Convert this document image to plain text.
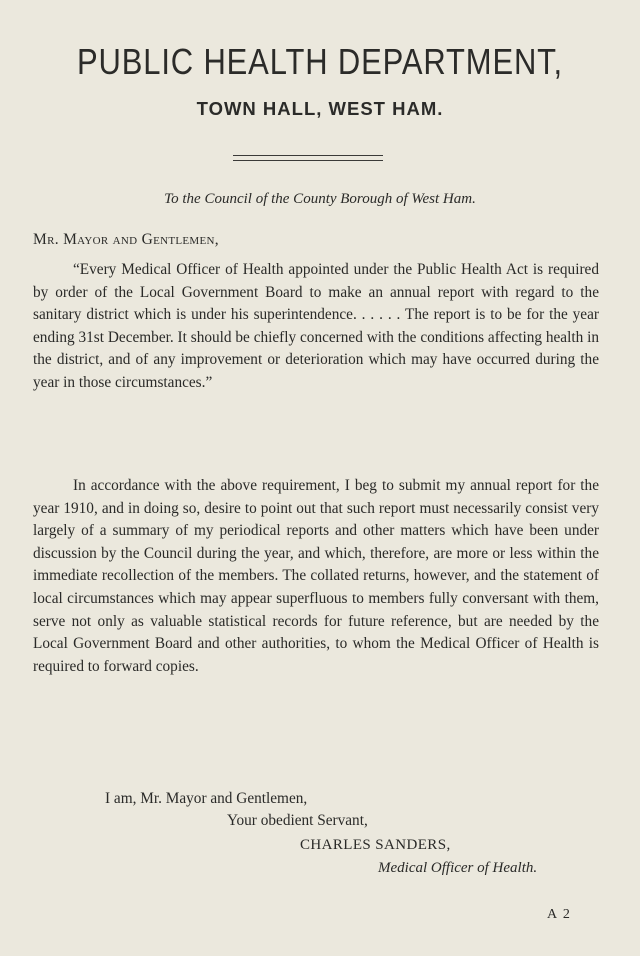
PUBLIC HEALTH DEPARTMENT,
TOWN HALL, WEST HAM.

To the Council of the County Borough of West Ham.

Mr. Mayor and Gentlemen,

“Every Medical Officer of Health appointed under the Public Health Act is required by order of the Local Government Board to make an annual report with regard to the sanitary district which is under his superintendence. . . . . . The report is to be for the year ending 31st December. It should be chiefly concerned with the conditions affecting health in the district, and of any improvement or deterioration which may have occurred during the year in those circumstances.”

In accordance with the above requirement, I beg to submit my annual report for the year 1910, and in doing so, desire to point out that such report must necessarily consist very largely of a summary of my periodical reports and other matters which have been under discussion by the Council during the year, and which, therefore, are more or less within the immediate recollection of the members. The collated returns, however, and the statement of local circumstances which may appear superfluous to members fully conversant with them, serve not only as valuable statistical records for future reference, but are needed by the Local Government Board and other authorities, to whom the Medical Officer of Health is required to forward copies.

I am, Mr. Mayor and Gentlemen,

Your obedient Servant,

CHARLES SANDERS,

Medical Officer of Health.

A 2
